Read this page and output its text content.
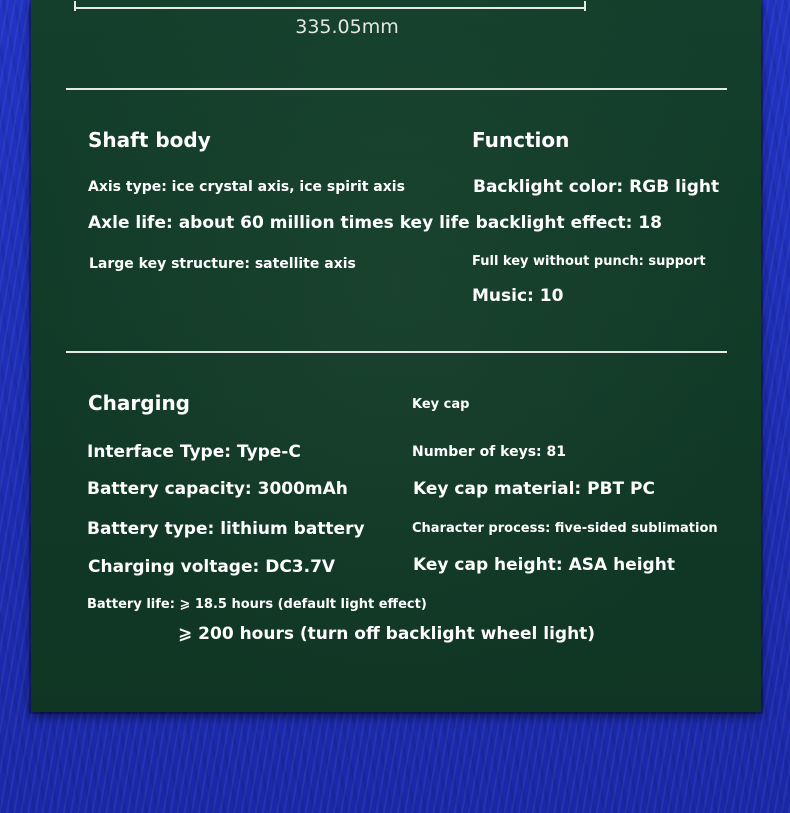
335.05mm
Shaft body
Axis type: ice crystal axis, ice spirit axis
Axle life: about 60 million times key life backlight effect: 18
Large key structure: satellite axis
Function
Backlight color: RGB light
Full key without punch: support
Music: 10
Charging
Interface Type: Type-C
Battery capacity: 3000mAh
Battery type: lithium battery
Charging voltage: DC3.7V
Battery life: ⩾ 18.5 hours (default light effect)
⩾ 200 hours (turn off backlight wheel light)
Key cap
Number of keys: 81
Key cap material: PBT PC
Character process: five-sided sublimation
Key cap height: ASA height
